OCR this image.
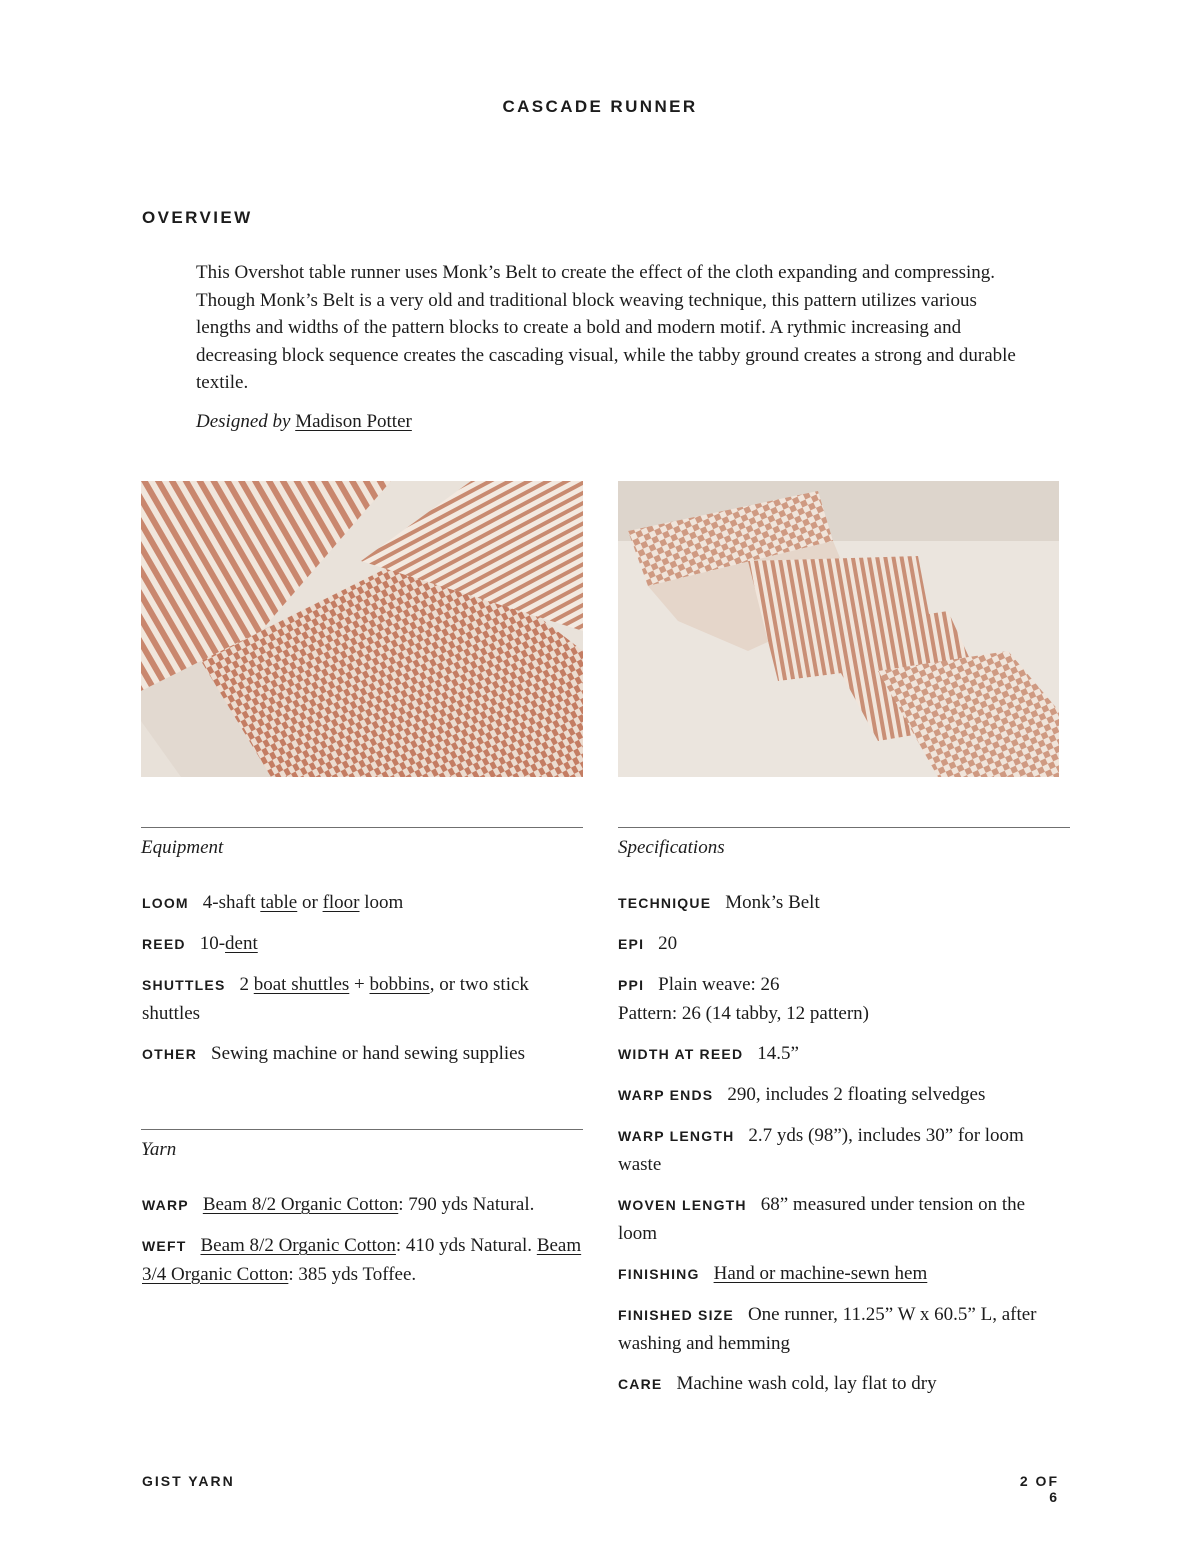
CASCADE RUNNER
OVERVIEW

This Overshot table runner uses Monk’s Belt to create the effect of the cloth expanding and compressing. Though Monk’s Belt is a very old and traditional block weaving technique, this pattern utilizes various lengths and widths of the pattern blocks to create a bold and modern motif. A rythmic increasing and decreasing block sequence creates the cascading visual, while the tabby ground creates a strong and durable textile.

Designed by Madison Potter
Equipment
LOOM 4-shaft table or floor loom
REED 10-dent
SHUTTLES 2 boat shuttles + bobbins, or two stick shuttles
OTHER Sewing machine or hand sewing supplies
Yarn
WARP Beam 8/2 Organic Cotton: 790 yds Natural.
WEFT Beam 8/2 Organic Cotton: 410 yds Natural. Beam 3/4 Organic Cotton: 385 yds Toffee.
Specifications
TECHNIQUE Monk’s Belt
EPI 20
PPI Plain weave: 26
Pattern: 26 (14 tabby, 12 pattern)
WIDTH AT REED 14.5”
WARP ENDS 290, includes 2 floating selvedges
WARP LENGTH 2.7 yds (98”), includes 30” for loom waste
WOVEN LENGTH 68” measured under tension on the loom
FINISHING Hand or machine-sewn hem
FINISHED SIZE One runner, 11.25” W x 60.5” L, after washing and hemming
CARE Machine wash cold, lay flat to dry
GIST YARN	2 OF 6
